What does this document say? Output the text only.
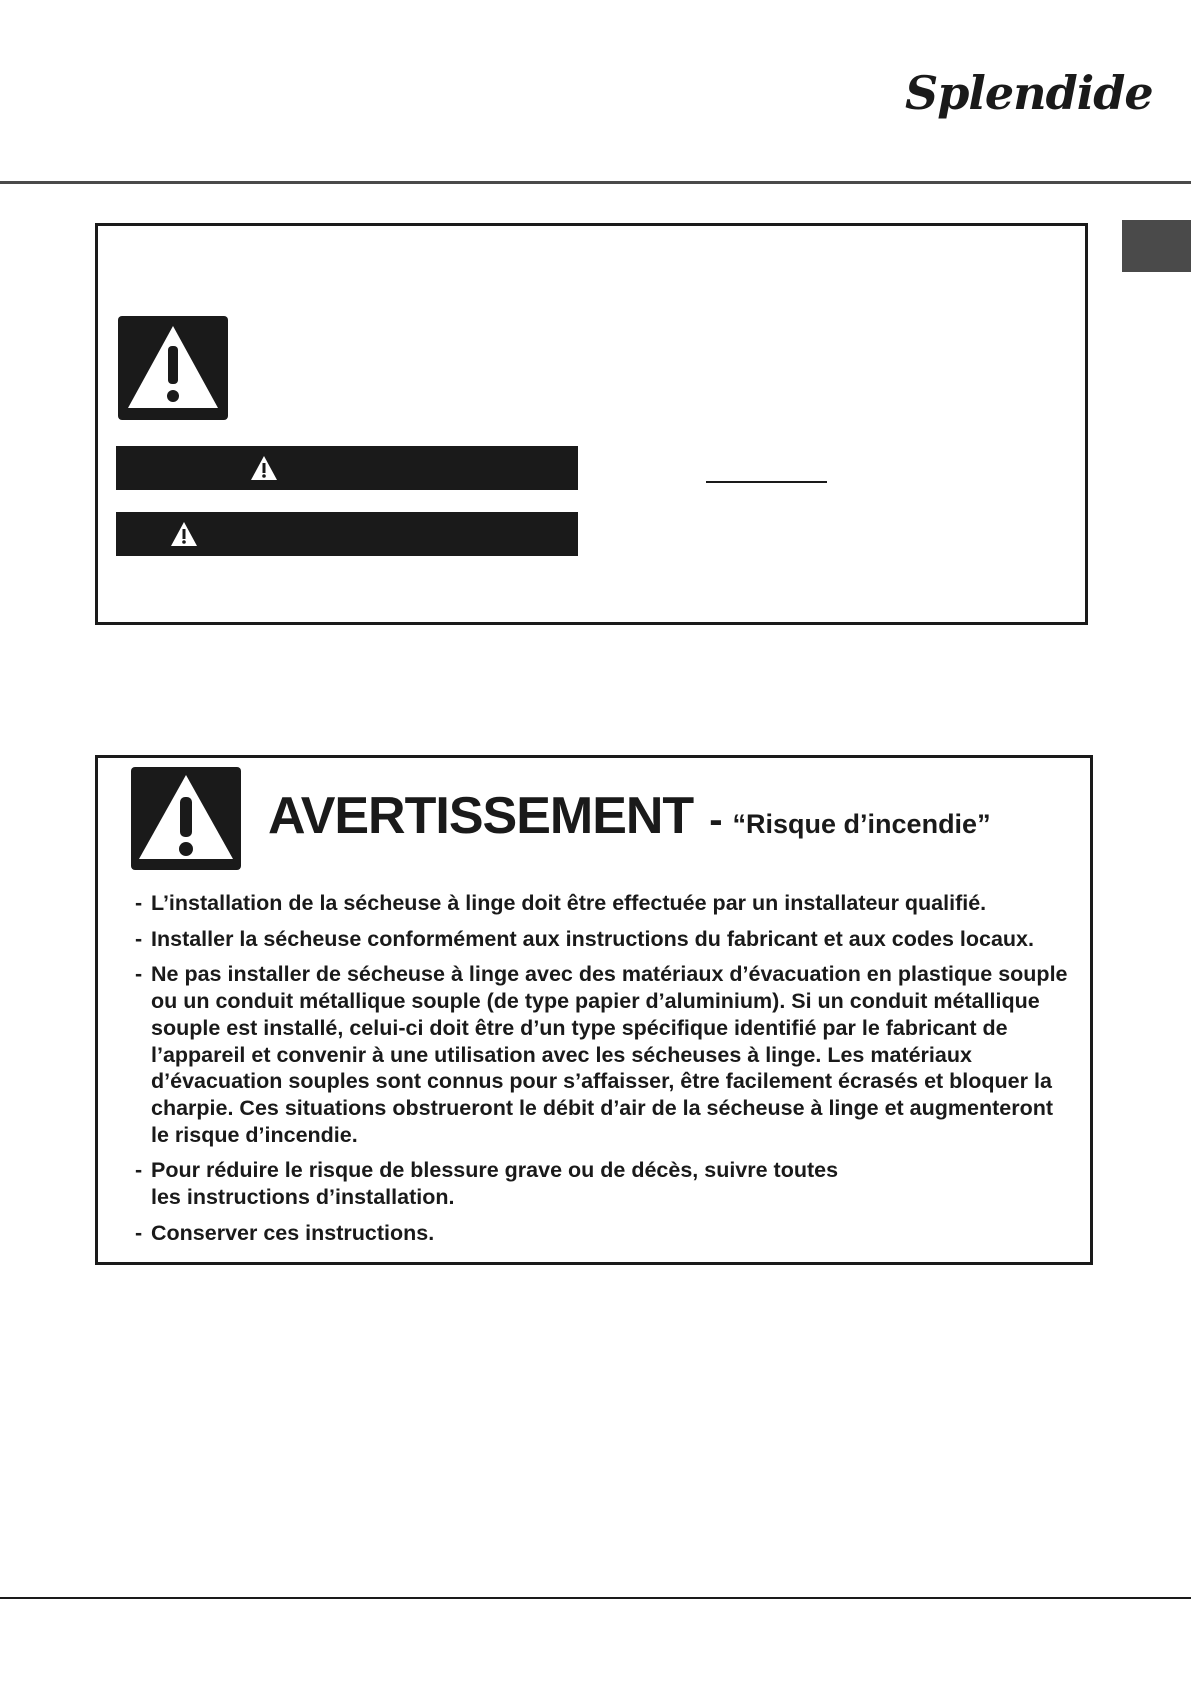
Splendide
AVERTISSEMENT - “Risque d’incendie”
- L’installation de la sécheuse à linge doit être effectuée par un installateur qualifié.
- Installer la sécheuse conformément aux instructions du fabricant et aux codes locaux.
- Ne pas installer de sécheuse à linge avec des matériaux d’évacuation en plastique souple ou un conduit métallique souple (de type papier d’aluminium). Si un conduit métallique souple est installé, celui-ci doit être d’un type spécifique identifié par le fabricant de l’appareil et convenir à une utilisation avec les sécheuses à linge. Les matériaux d’évacuation souples sont connus pour s’affaisser, être facilement écrasés et bloquer la charpie. Ces situations obstrueront le débit d’air de la sécheuse à linge et augmenteront le risque d’incendie.
- Pour réduire le risque de blessure grave ou de décès, suivre toutes les instructions d’installation.
- Conserver ces instructions.
